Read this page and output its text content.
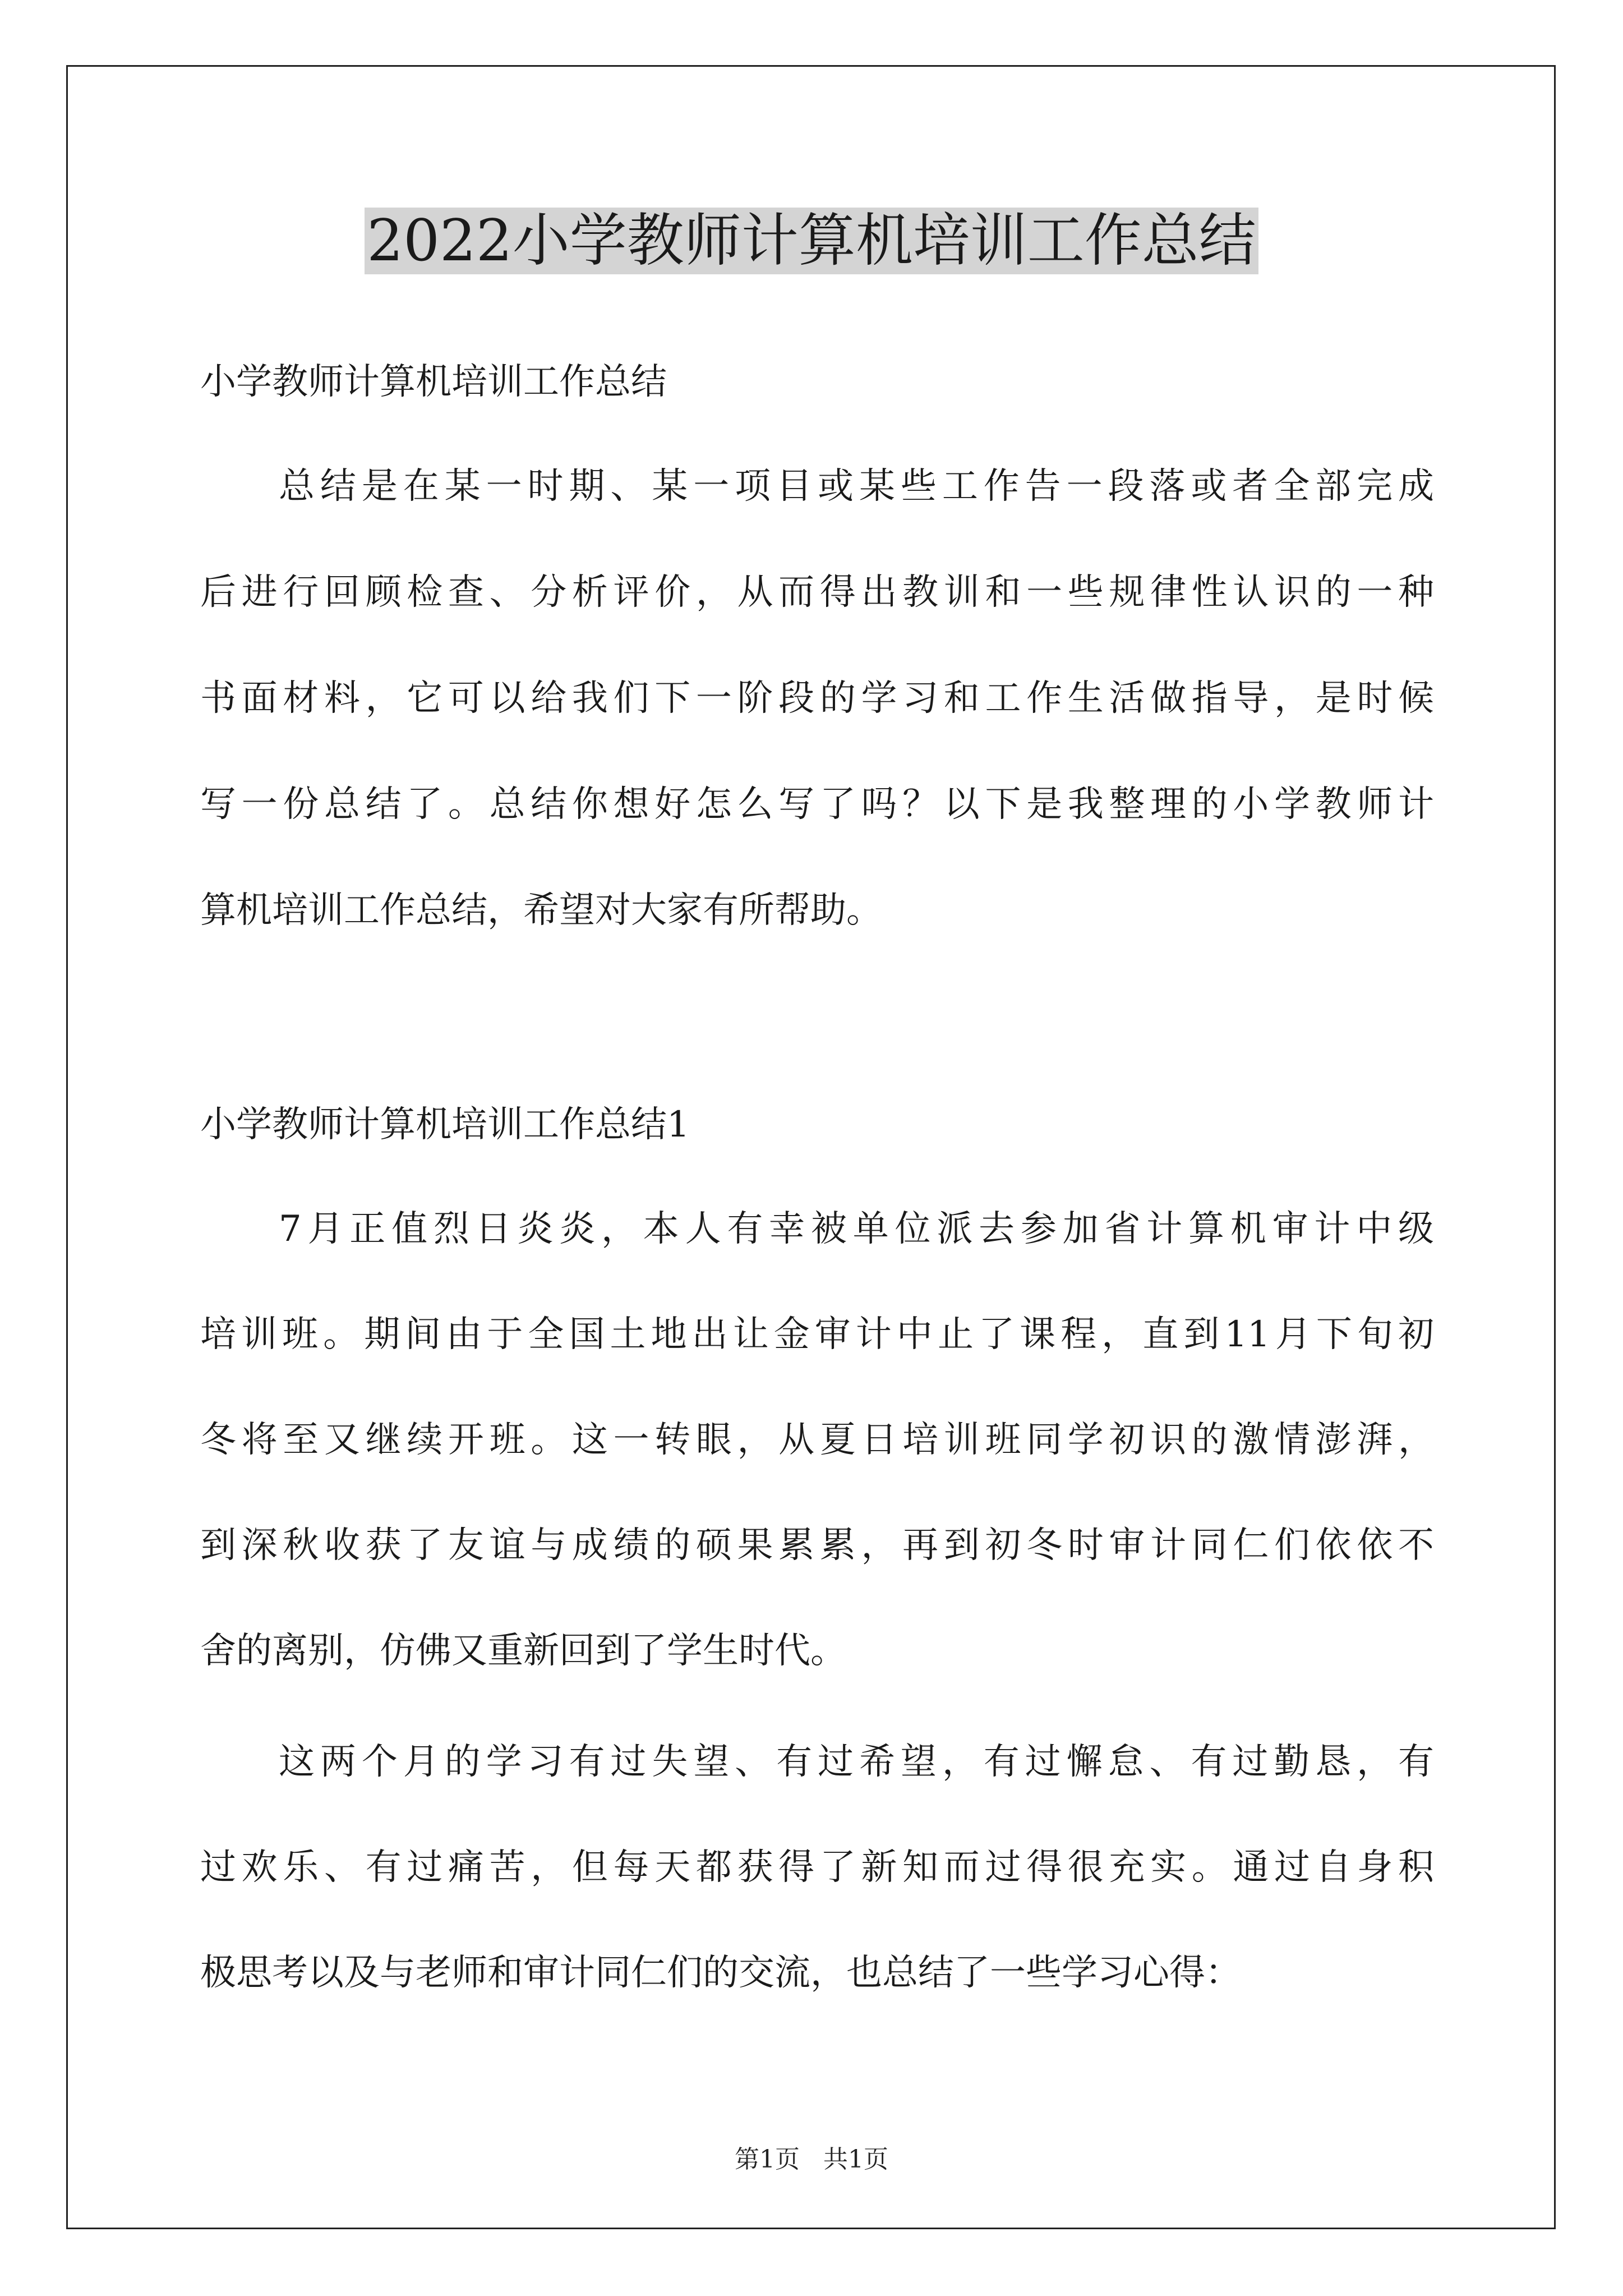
2022小学教师计算机培训工作总结

小学教师计算机培训工作总结

总结是在某一时期、某一项目或某些工作告一段落或者全部完成
后进行回顾检查、分析评价，从而得出教训和一些规律性认识的一种
书面材料，它可以给我们下一阶段的学习和工作生活做指导，是时候
写一份总结了。总结你想好怎么写了吗？以下是我整理的小学教师计
算机培训工作总结，希望对大家有所帮助。

小学教师计算机培训工作总结1

7月正值烈日炎炎，本人有幸被单位派去参加省计算机审计中级
培训班。期间由于全国土地出让金审计中止了课程，直到11月下旬初
冬将至又继续开班。这一转眼，从夏日培训班同学初识的激情澎湃，
到深秋收获了友谊与成绩的硕果累累，再到初冬时审计同仁们依依不
舍的离别，仿佛又重新回到了学生时代。
这两个月的学习有过失望、有过希望，有过懈怠、有过勤恳，有
过欢乐、有过痛苦，但每天都获得了新知而过得很充实。通过自身积
极思考以及与老师和审计同仁们的交流，也总结了一些学习心得：
第1页 共1页
